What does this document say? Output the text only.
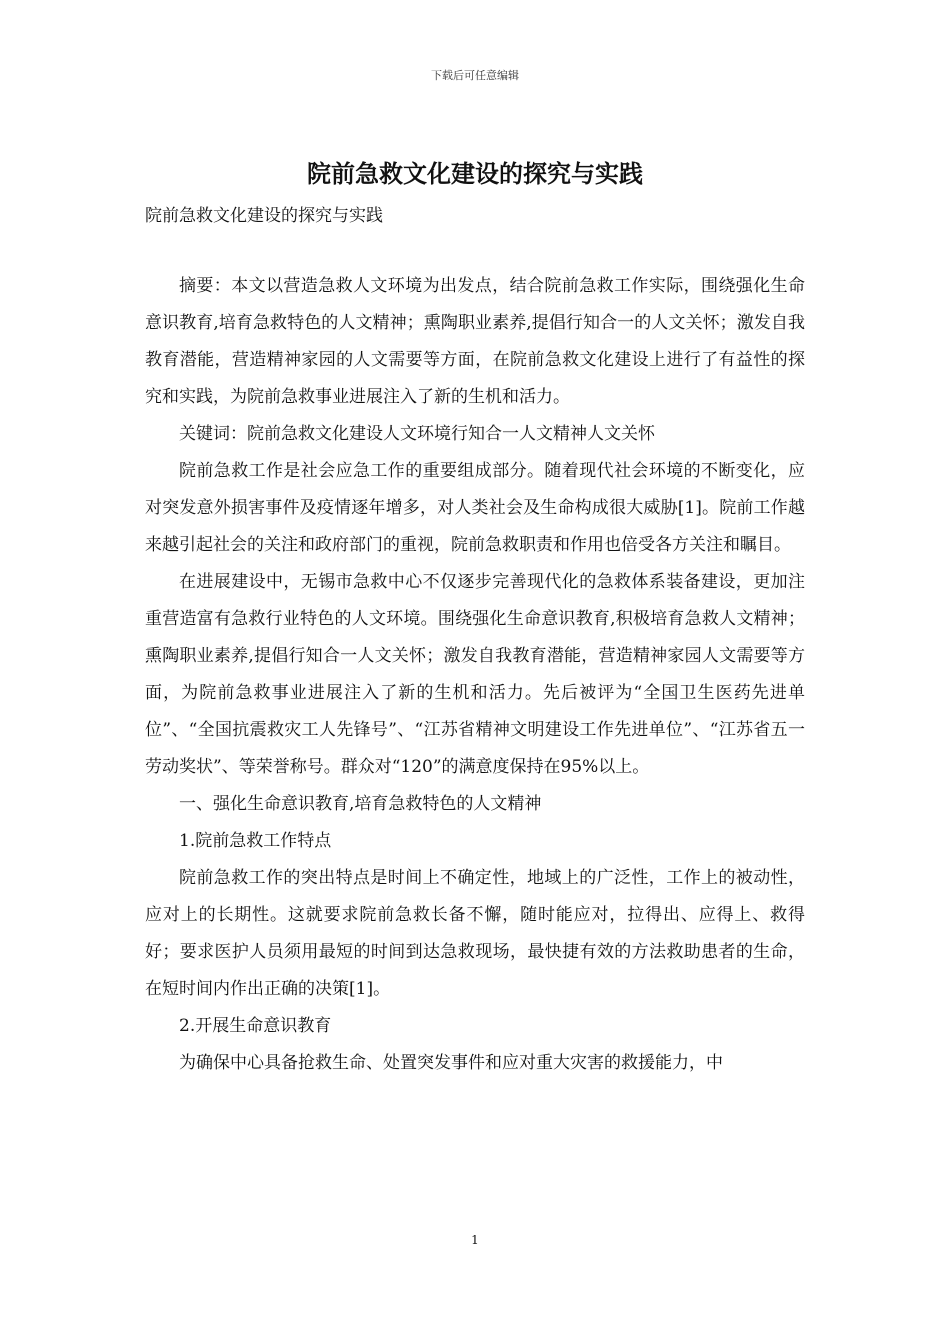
下载后可任意编辑
院前急救文化建设的探究与实践
院前急救文化建设的探究与实践

摘要：本文以营造急救人文环境为出发点，结合院前急救工作实际，围绕强化生命意识教育,培育急救特色的人文精神；熏陶职业素养,提倡行知合一的人文关怀；激发自我教育潜能，营造精神家园的人文需要等方面，在院前急救文化建设上进行了有益性的探究和实践，为院前急救事业进展注入了新的生机和活力。

关键词：院前急救文化建设人文环境行知合一人文精神人文关怀

院前急救工作是社会应急工作的重要组成部分。随着现代社会环境的不断变化，应对突发意外损害事件及疫情逐年增多，对人类社会及生命构成很大威胁[1]。院前工作越来越引起社会的关注和政府部门的重视，院前急救职责和作用也倍受各方关注和瞩目。

在进展建设中，无锡市急救中心不仅逐步完善现代化的急救体系装备建设，更加注重营造富有急救行业特色的人文环境。围绕强化生命意识教育,积极培育急救人文精神；熏陶职业素养,提倡行知合一人文关怀；激发自我教育潜能，营造精神家园人文需要等方面，为院前急救事业进展注入了新的生机和活力。先后被评为“全国卫生医药先进单位”、“全国抗震救灾工人先锋号”、“江苏省精神文明建设工作先进单位”、“江苏省五一劳动奖状”、等荣誉称号。群众对“120”的满意度保持在95%以上。

一、强化生命意识教育,培育急救特色的人文精神

1.院前急救工作特点

院前急救工作的突出特点是时间上不确定性，地域上的广泛性，工作上的被动性，应对上的长期性。这就要求院前急救长备不懈，随时能应对，拉得出、应得上、救得好；要求医护人员须用最短的时间到达急救现场，最快捷有效的方法救助患者的生命，在短时间内作出正确的决策[1]。

2.开展生命意识教育

为确保中心具备抢救生命、处置突发事件和应对重大灾害的救援能力，中

1
